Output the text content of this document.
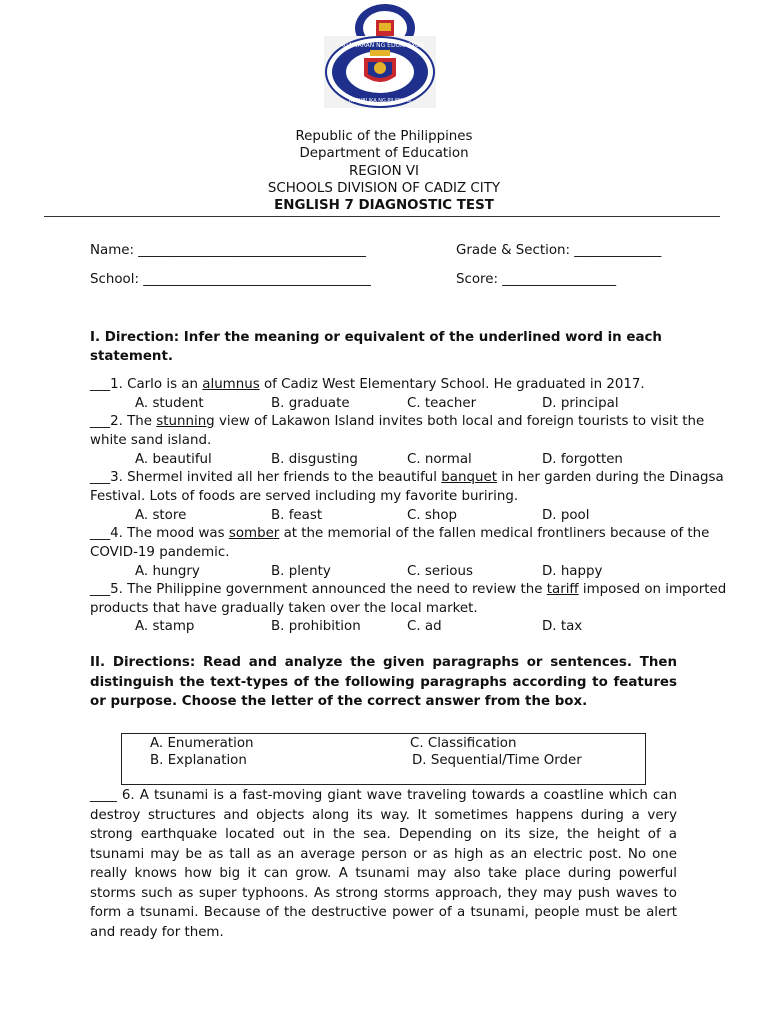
KAGAWARAN NG EDUKASYON
REPUBLIKA NG PILIPINAS
Republic of the Philippines
Department of Education
REGION VI
SCHOOLS DIVISION OF CADIZ CITY
ENGLISH 7 DIAGNOSTIC TEST
Name: __________________________________	Grade & Section: _____________
School: __________________________________	Score: _________________
I. Direction: Infer the meaning or equivalent of the underlined word in each
statement.
___1. Carlo is an alumnus of Cadiz West Elementary School. He graduated in 2017.
A. student	B. graduate	C. teacher	D. principal
___2. The stunning view of Lakawon Island invites both local and foreign tourists to visit the
white sand island.
A. beautiful	B. disgusting	C. normal	D. forgotten
___3. Shermel invited all her friends to the beautiful banquet in her garden during the Dinagsa
Festival. Lots of foods are served including my favorite buriring.
A. store	B. feast	C. shop	D. pool
___4. The mood was somber at the memorial of the fallen medical frontliners because of the
COVID-19 pandemic.
A. hungry	B. plenty	C. serious	D. happy
___5. The Philippine government announced the need to review the tariff imposed on imported
products that have gradually taken over the local market.
A. stamp	B. prohibition	C. ad	D. tax

II. Directions: Read and analyze the given paragraphs or sentences. Then distinguish the text-types of the following paragraphs according to features or purpose. Choose the letter of the correct answer from the box.

A. Enumeration
B. Explanation
C. Classification
D. Sequential/Time Order

____ 6. A tsunami is a fast-moving giant wave traveling towards a coastline which can destroy structures and objects along its way. It sometimes happens during a very strong earthquake located out in the sea. Depending on its size, the height of a tsunami may be as tall as an average person or as high as an electric post. No one really knows how big it can grow. A tsunami may also take place during powerful storms such as super typhoons. As strong storms approach, they may push waves to form a tsunami. Because of the destructive power of a tsunami, people must be alert and ready for them.
